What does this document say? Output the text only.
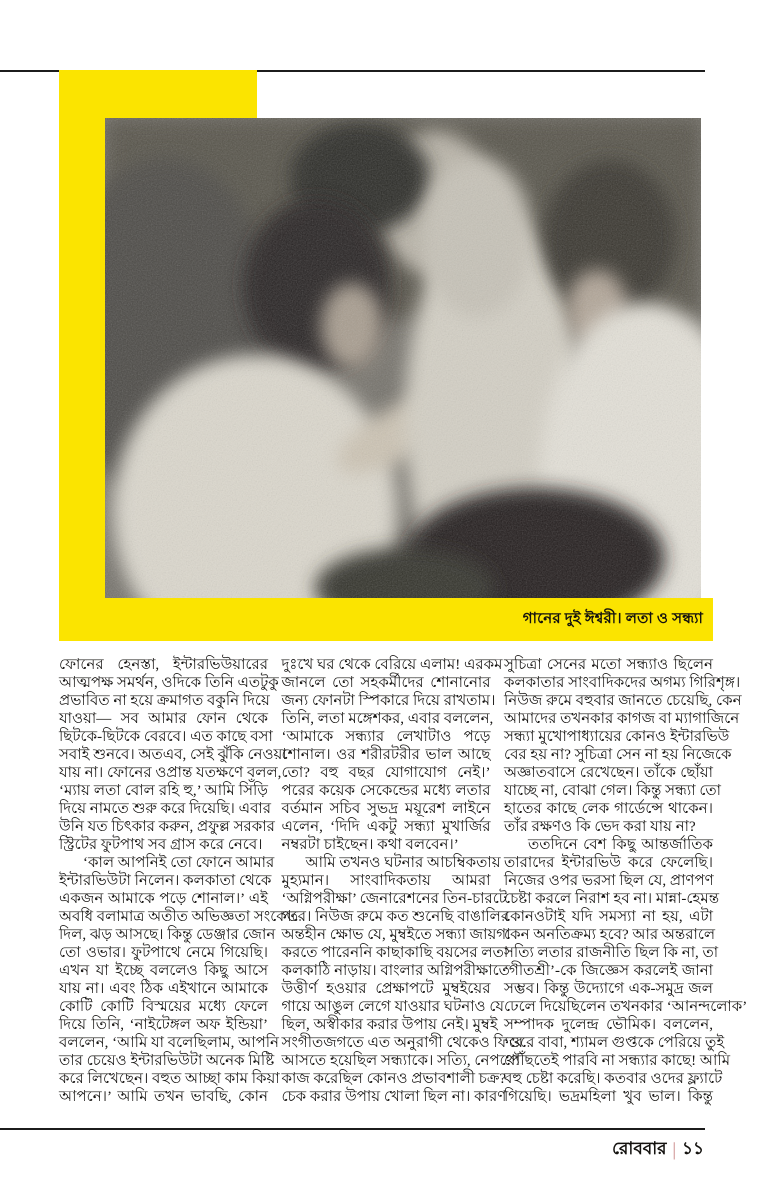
গানের দুই ঈশ্বরী। লতা ও সন্ধ্যা
ফোনের হেনস্তা, ইন্টারভিউয়ারের
আত্মপক্ষ সমর্থন, ওদিকে তিনি এতটুকু
প্রভাবিত না হয়ে ক্রমাগত বকুনি দিয়ে
যাওয়া— সব আমার ফোন থেকে
ছিটকে-ছিটকে বেরবে। এত কাছে বসা
সবাই শুনবে। অতএব, সেই ঝুঁকি নেওয়া
যায় না। ফোনের ওপ্রান্ত যতক্ষণে বলল,
‘ম্যায় লতা বোল রহি হু,’ আমি সিঁড়ি
দিয়ে নামতে শুরু করে দিয়েছি। এবার
উনি যত চিৎকার করুন, প্রফুল্ল সরকার
স্ট্রিটের ফুটপাথ সব গ্রাস করে নেবে।
‘কাল আপনিই তো ফোনে আমার
ইন্টারভিউটা নিলেন। কলকাতা থেকে
একজন আমাকে পড়ে শোনাল।’ এই
অবধি বলামাত্র অতীত অভিজ্ঞতা সংকেত
দিল, ঝড় আসছে। কিন্তু ডেঞ্জার জোন
তো ওভার। ফুটপাথে নেমে গিয়েছি।
এখন যা ইচ্ছে বললেও কিছু আসে
যায় না। এবং ঠিক এইখানে আমাকে
কোটি কোটি বিস্ময়ের মধ্যে ফেলে
দিয়ে তিনি, ‘নাইটেঙ্গল অফ ইন্ডিয়া’
বললেন, ‘আমি যা বলেছিলাম, আপনি
তার চেয়েও ইন্টারভিউটা অনেক মিষ্টি
করে লিখেছেন। বহুত আচ্ছা কাম কিয়া
আপনে।’ আমি তখন ভাবছি, কোন
দুঃখে ঘর থেকে বেরিয়ে এলাম! এরকম
জানলে তো সহকর্মীদের শোনানোর
জন্য ফোনটা স্পিকারে দিয়ে রাখতাম।
তিনি, লতা মঙ্গেশকর, এবার বললেন,
‘আমাকে সন্ধ্যার লেখাটাও পড়ে
শোনাল। ওর শরীরটরীর ভাল আছে
তো? বহু বছর যোগাযোগ নেই।’
পরের কয়েক সেকেন্ডের মধ্যে লতার
বর্তমান সচিব সুভদ্র ময়ূরেশ লাইনে
এলেন, ‘দিদি একটু সন্ধ্যা মুখার্জির
নম্বরটা চাইছেন। কথা বলবেন।’
আমি তখনও ঘটনার আচম্বিকতায়
মুহ্যমান। সাংবাদিকতায় আমরা
‘অগ্নিপরীক্ষা’ জেনারেশনের তিন-চারটে
পরে। নিউজ রুমে কত শুনেছি বাঙালির
অন্তহীন ক্ষোভ যে, মুম্বইতে সন্ধ্যা জায়গা
করতে পারেননি কাছাকাছি বয়সের লতা
কলকাঠি নাড়ায়। বাংলার অগ্নিপরীক্ষাতে
উত্তীর্ণ হওয়ার প্রেক্ষাপটে মুম্বইয়ের
গায়ে আঙুল লেগে যাওয়ার ঘটনাও যে
ছিল, অস্বীকার করার উপায় নেই। মুম্বই
সংগীতজগতে এত অনুরাগী থেকেও ফিরে
আসতে হয়েছিল সন্ধ্যাকে। সত্যি, নেপথ্যে
কাজ করেছিল কোনও প্রভাবশালী চক্র?
চেক করার উপায় খোলা ছিল না। কারণ
সুচিত্রা সেনের মতো সন্ধ্যাও ছিলেন
কলকাতার সাংবাদিকদের অগম্য গিরিশৃঙ্গ।
নিউজ রুমে বহুবার জানতে চেয়েছি, কেন
আমাদের তখনকার কাগজ বা ম্যাগাজিনে
সন্ধ্যা মুখোপাধ্যায়ের কোনও ইন্টারভিউ
বের হয় না? সুচিত্রা সেন না হয় নিজেকে
অজ্ঞাতবাসে রেখেছেন। তাঁকে ছোঁয়া
যাচ্ছে না, বোঝা গেল। কিন্তু সন্ধ্যা তো
হাতের কাছে লেক গার্ডেন্সে থাকেন।
তাঁর রক্ষণও কি ভেদ করা যায় না?
ততদিনে বেশ কিছু আন্তর্জাতিক
তারাদের ইন্টারভিউ করে ফেলেছি।
নিজের ওপর ভরসা ছিল যে, প্রাণপণ
চেষ্টা করলে নিরাশ হব না। মান্না-হেমন্ত
কোনওটাই যদি সমস্যা না হয়, এটা
কেন অনতিক্রম্য হবে? আর অন্তরালে
সত্যি লতার রাজনীতি ছিল কি না, তা
‘গীতশ্রী’-কে জিজ্ঞেস করলেই জানা
সম্ভব। কিন্তু উদ্যোগে এক-সমুদ্র জল
ঢেলে দিয়েছিলেন তখনকার ‘আনন্দলোক’
সম্পাদক দুলেন্দ্র ভৌমিক। বললেন,
‘ওরে বাবা, শ্যামল গুপ্তকে পেরিয়ে তুই
পৌঁছতেই পারবি না সন্ধ্যার কাছে! আমি
বহু চেষ্টা করেছি। কতবার ওদের ফ্ল্যাটে
গিয়েছি। ভদ্রমহিলা খুব ভাল। কিন্তু
রোববার | ১১
